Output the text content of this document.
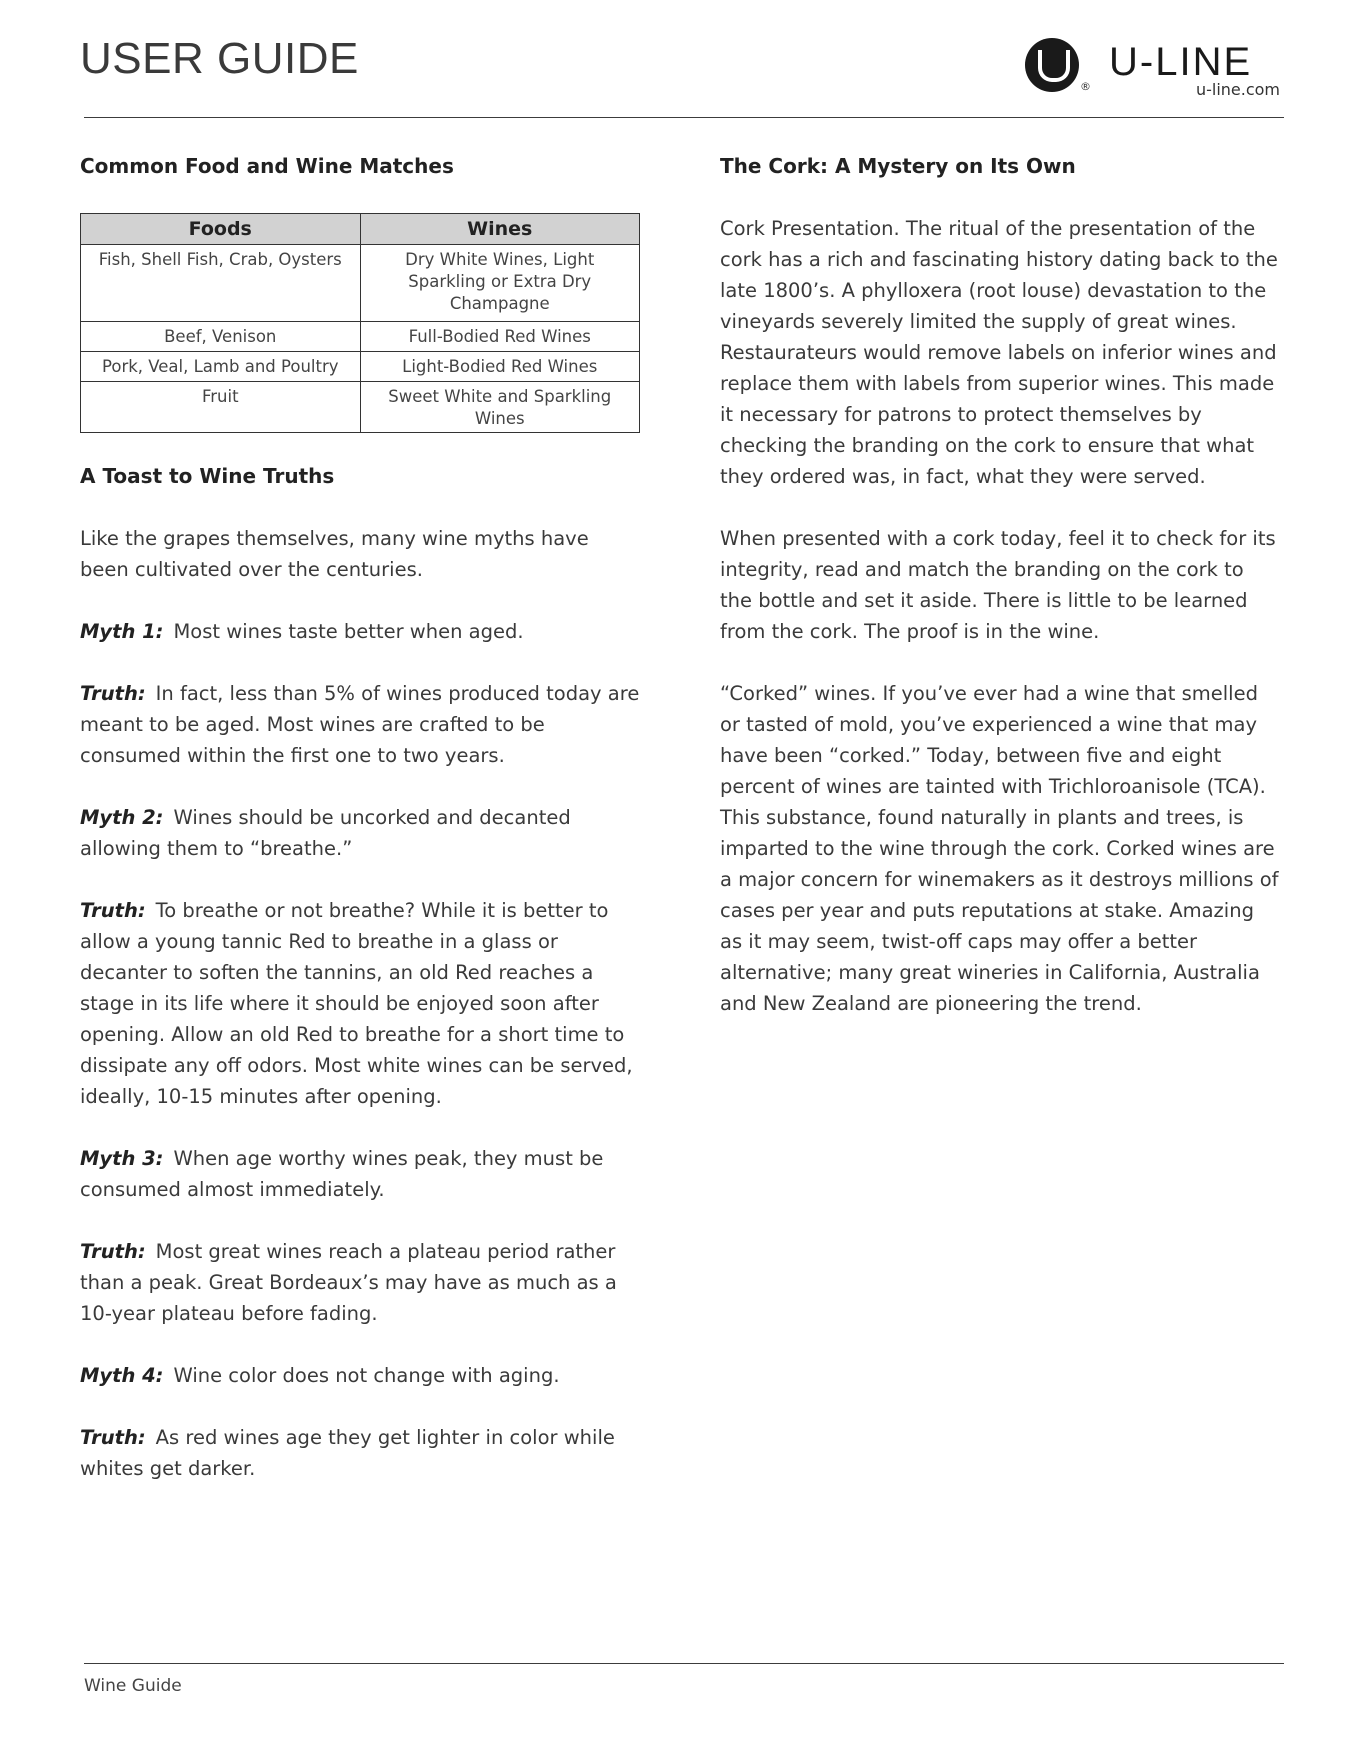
USER GUIDE
®
U-LINE
u-line.com
Common Food and Wine Matches
Foods	Wines
Fish, Shell Fish, Crab, Oysters	Dry White Wines, Light Sparkling or Extra Dry Champagne
Beef, Venison	Full-Bodied Red Wines
Pork, Veal, Lamb and Poultry	Light-Bodied Red Wines
Fruit	Sweet White and Sparkling Wines
A Toast to Wine Truths

Like the grapes themselves, many wine myths have been cultivated over the centuries.

Myth 1: Most wines taste better when aged.

Truth: In fact, less than 5% of wines produced today are meant to be aged. Most wines are crafted to be consumed within the first one to two years.

Myth 2: Wines should be uncorked and decanted allowing them to “breathe.”

Truth: To breathe or not breathe? While it is better to allow a young tannic Red to breathe in a glass or decanter to soften the tannins, an old Red reaches a stage in its life where it should be enjoyed soon after opening. Allow an old Red to breathe for a short time to dissipate any off odors. Most white wines can be served, ideally, 10-15 minutes after opening.

Myth 3: When age worthy wines peak, they must be consumed almost immediately.

Truth: Most great wines reach a plateau period rather than a peak. Great Bordeaux’s may have as much as a 10-year plateau before fading.

Myth 4: Wine color does not change with aging.

Truth: As red wines age they get lighter in color while whites get darker.

The Cork: A Mystery on Its Own

Cork Presentation. The ritual of the presentation of the cork has a rich and fascinating history dating back to the late 1800’s. A phylloxera (root louse) devastation to the vineyards severely limited the supply of great wines. Restaurateurs would remove labels on inferior wines and replace them with labels from superior wines. This made it necessary for patrons to protect themselves by checking the branding on the cork to ensure that what they ordered was, in fact, what they were served.

When presented with a cork today, feel it to check for its integrity, read and match the branding on the cork to the bottle and set it aside. There is little to be learned from the cork. The proof is in the wine.

“Corked” wines. If you’ve ever had a wine that smelled or tasted of mold, you’ve experienced a wine that may have been “corked.” Today, between five and eight percent of wines are tainted with Trichloroanisole (TCA). This substance, found naturally in plants and trees, is imparted to the wine through the cork. Corked wines are a major concern for winemakers as it destroys millions of cases per year and puts reputations at stake. Amazing as it may seem, twist-off caps may offer a better alternative; many great wineries in California, Australia and New Zealand are pioneering the trend.

Wine Guide
